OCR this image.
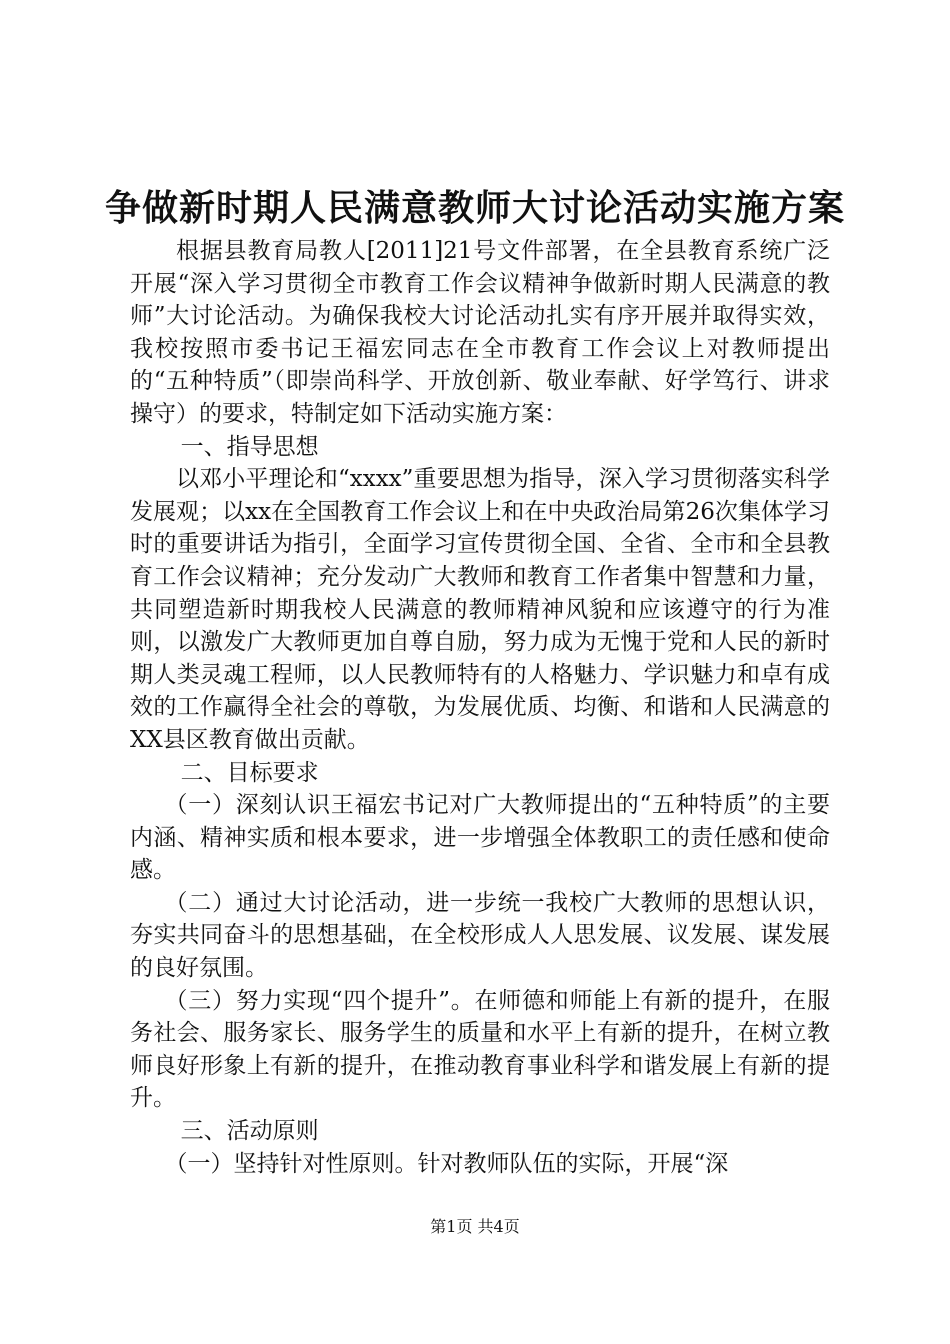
争做新时期人民满意教师大讨论活动实施方案

根据县教育局教人[2011]21号文件部署，在全县教育系统广泛开展“深入学习贯彻全市教育工作会议精神争做新时期人民满意的教师”大讨论活动。为确保我校大讨论活动扎实有序开展并取得实效，我校按照市委书记王福宏同志在全市教育工作会议上对教师提出的“五种特质”（即崇尚科学、开放创新、敬业奉献、好学笃行、讲求操守）的要求，特制定如下活动实施方案：

一、指导思想

以邓小平理论和“xxxx”重要思想为指导，深入学习贯彻落实科学发展观；以xx在全国教育工作会议上和在中央政治局第26次集体学习时的重要讲话为指引，全面学习宣传贯彻全国、全省、全市和全县教育工作会议精神；充分发动广大教师和教育工作者集中智慧和力量，共同塑造新时期我校人民满意的教师精神风貌和应该遵守的行为准则，以激发广大教师更加自尊自励，努力成为无愧于党和人民的新时期人类灵魂工程师，以人民教师特有的人格魅力、学识魅力和卓有成效的工作赢得全社会的尊敬，为发展优质、均衡、和谐和人民满意的XX县区教育做出贡献。

二、目标要求

（一）深刻认识王福宏书记对广大教师提出的“五种特质”的主要内涵、精神实质和根本要求，进一步增强全体教职工的责任感和使命感。

（二）通过大讨论活动，进一步统一我校广大教师的思想认识，夯实共同奋斗的思想基础，在全校形成人人思发展、议发展、谋发展的良好氛围。

（三）努力实现“四个提升”。在师德和师能上有新的提升，在服务社会、服务家长、服务学生的质量和水平上有新的提升，在树立教师良好形象上有新的提升，在推动教育事业科学和谐发展上有新的提升。

三、活动原则

（一）坚持针对性原则。针对教师队伍的实际，开展“深

第1页 共4页
